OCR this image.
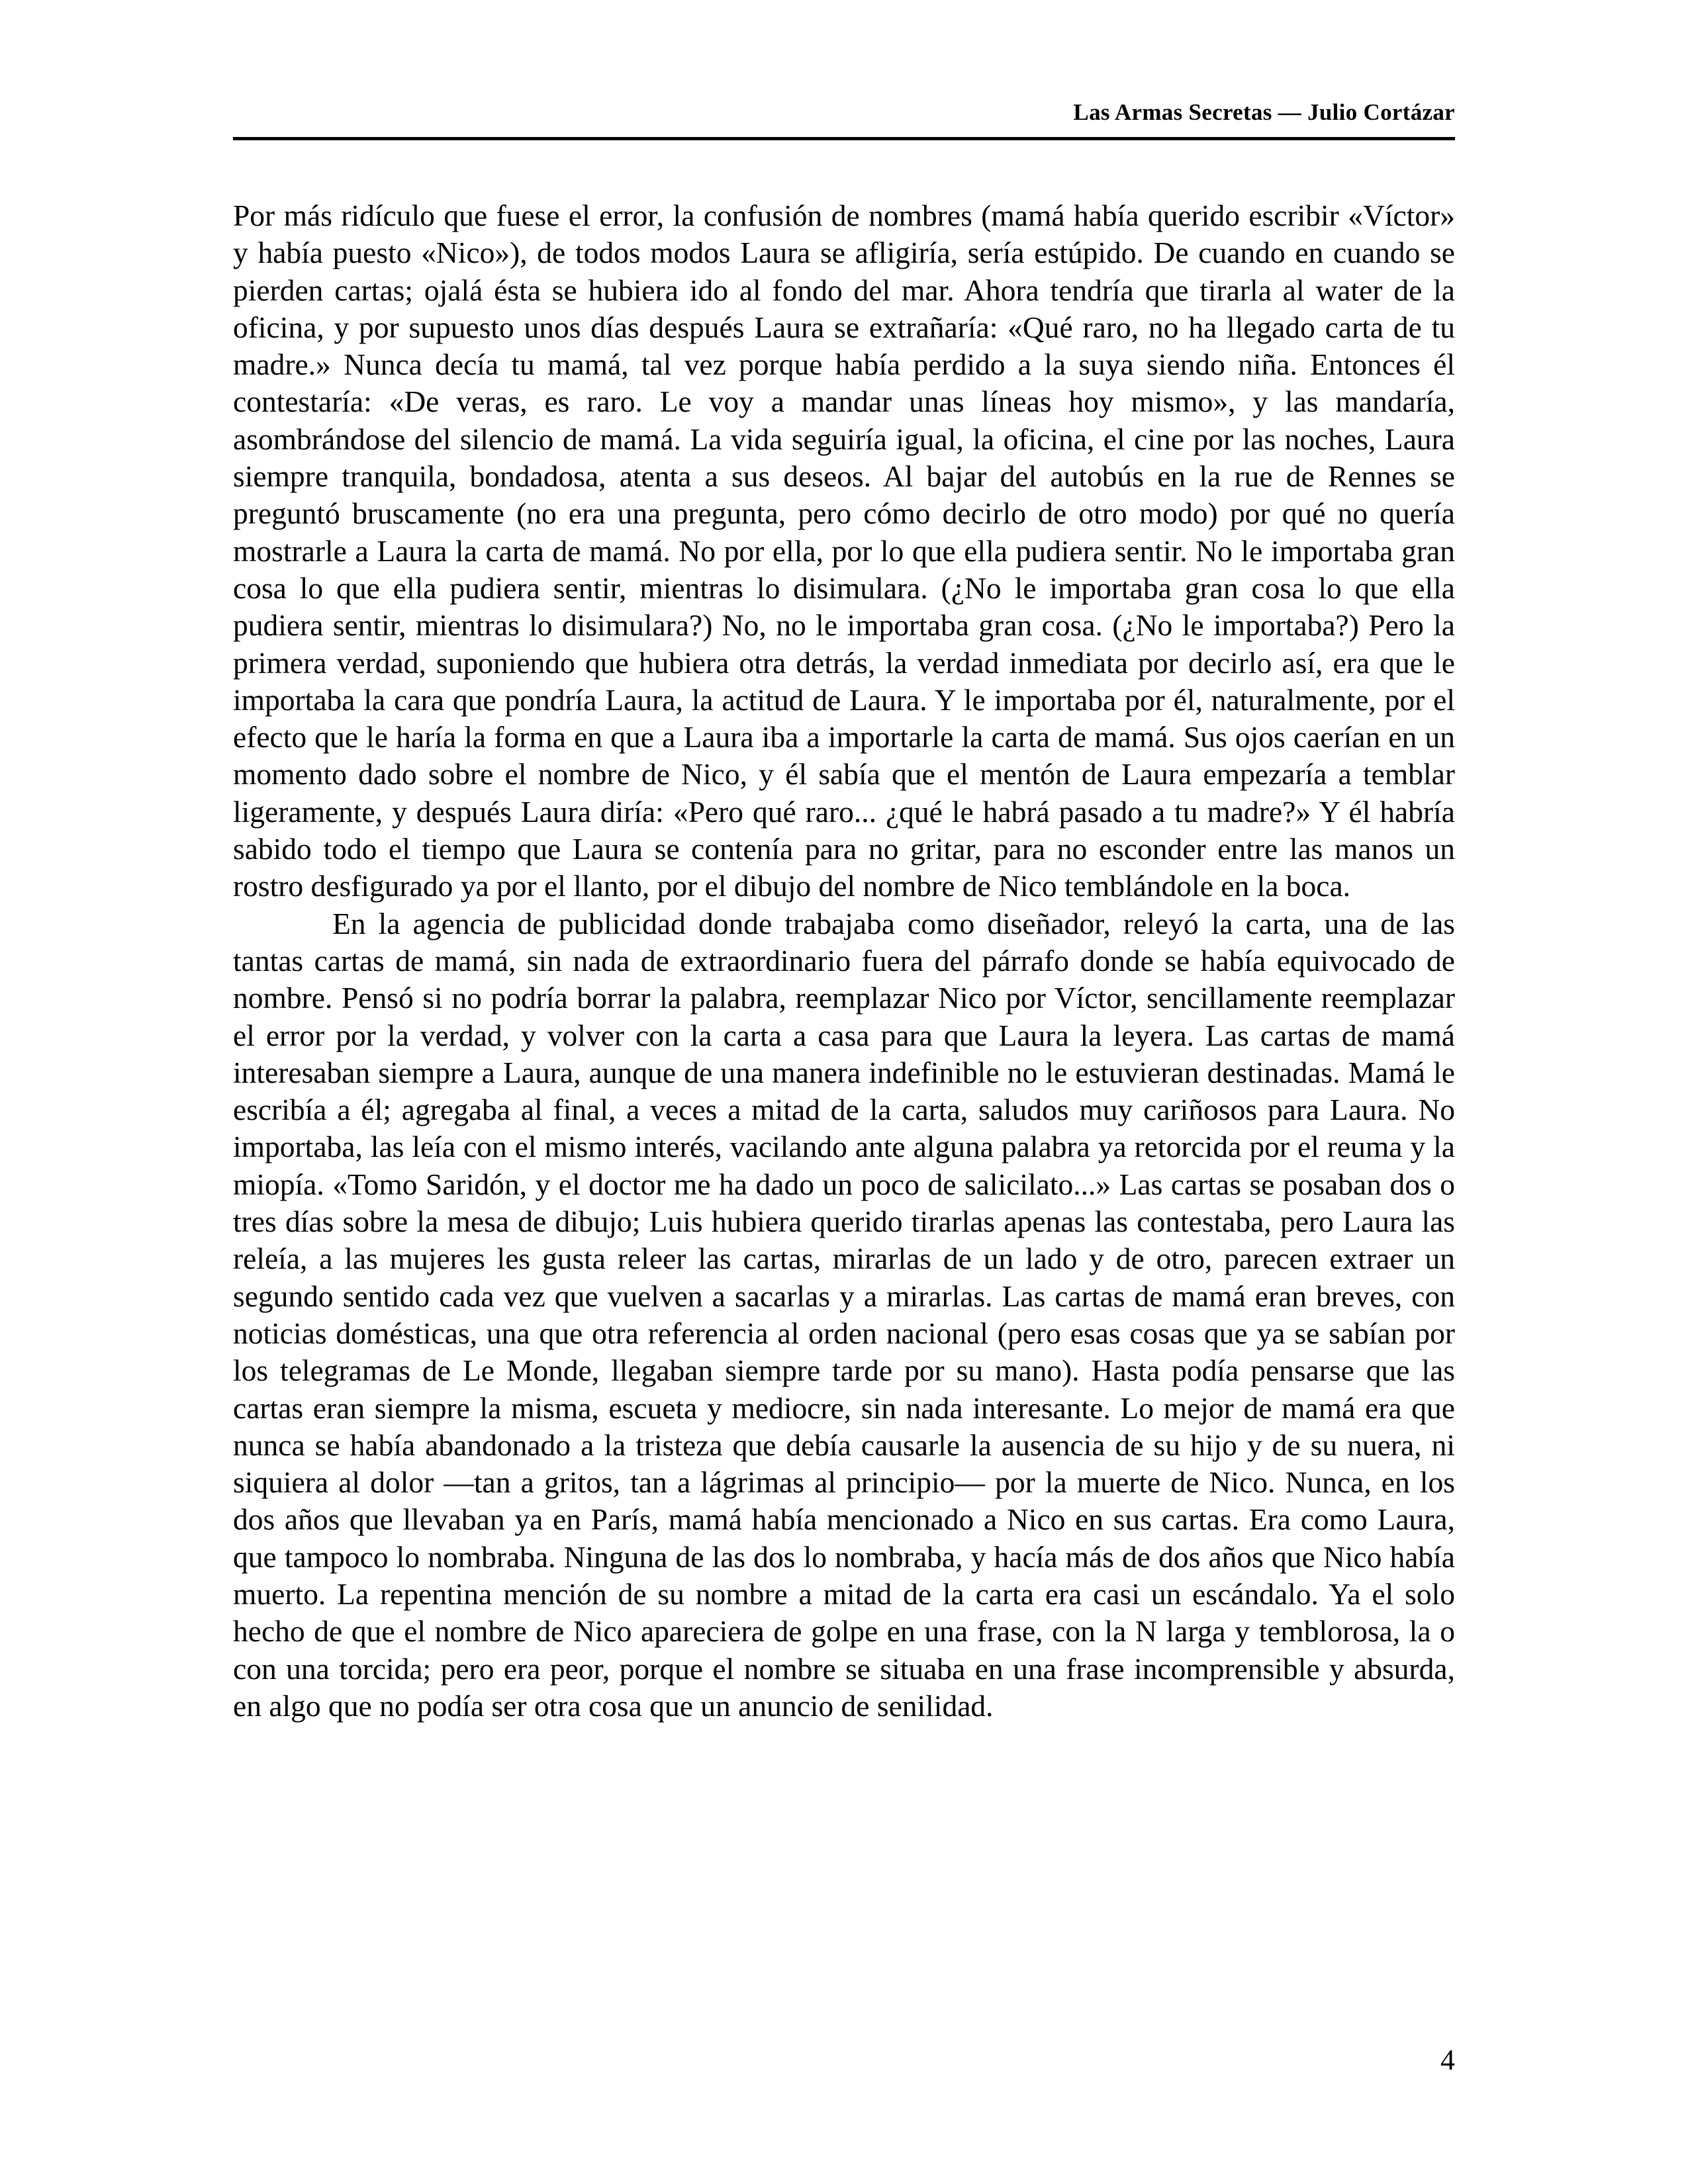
Las Armas Secretas — Julio Cortázar

Por más ridículo que fuese el error, la confusión de nombres (mamá había querido escribir «Víctor» y había puesto «Nico»), de todos modos Laura se afligiría, sería estúpido. De cuando en cuando se pierden cartas; ojalá ésta se hubiera ido al fondo del mar. Ahora tendría que tirarla al water de la oficina, y por supuesto unos días después Laura se extrañaría: «Qué raro, no ha llegado carta de tu madre.» Nunca decía tu mamá, tal vez porque había perdido a la suya siendo niña. Entonces él contestaría: «De veras, es raro. Le voy a mandar unas líneas hoy mismo», y las mandaría, asombrándose del silencio de mamá. La vida seguiría igual, la oficina, el cine por las noches, Laura siempre tranquila, bondadosa, atenta a sus deseos. Al bajar del autobús en la rue de Rennes se preguntó bruscamente (no era una pregunta, pero cómo decirlo de otro modo) por qué no quería mostrarle a Laura la carta de mamá. No por ella, por lo que ella pudiera sentir. No le importaba gran cosa lo que ella pudiera sentir, mientras lo disimulara. (¿No le importaba gran cosa lo que ella pudiera sentir, mientras lo disimulara?) No, no le importaba gran cosa. (¿No le importaba?) Pero la primera verdad, suponiendo que hubiera otra detrás, la verdad inmediata por decirlo así, era que le importaba la cara que pondría Laura, la actitud de Laura. Y le importaba por él, naturalmente, por el efecto que le haría la forma en que a Laura iba a importarle la carta de mamá. Sus ojos caerían en un momento dado sobre el nombre de Nico, y él sabía que el mentón de Laura empezaría a temblar ligeramente, y después Laura diría: «Pero qué raro... ¿qué le habrá pasado a tu madre?» Y él habría sabido todo el tiempo que Laura se contenía para no gritar, para no esconder entre las manos un rostro desfigurado ya por el llanto, por el dibujo del nombre de Nico temblándole en la boca.

En la agencia de publicidad donde trabajaba como diseñador, releyó la carta, una de las tantas cartas de mamá, sin nada de extraordinario fuera del párrafo donde se había equivocado de nombre. Pensó si no podría borrar la palabra, reemplazar Nico por Víctor, sencillamente reemplazar el error por la verdad, y volver con la carta a casa para que Laura la leyera. Las cartas de mamá interesaban siempre a Laura, aunque de una manera indefinible no le estuvieran destinadas. Mamá le escribía a él; agregaba al final, a veces a mitad de la carta, saludos muy cariñosos para Laura. No importaba, las leía con el mismo interés, vacilando ante alguna palabra ya retorcida por el reuma y la miopía. «Tomo Saridón, y el doctor me ha dado un poco de salicilato...» Las cartas se posaban dos o tres días sobre la mesa de dibujo; Luis hubiera querido tirarlas apenas las contestaba, pero Laura las releía, a las mujeres les gusta releer las cartas, mirarlas de un lado y de otro, parecen extraer un segundo sentido cada vez que vuelven a sacarlas y a mirarlas. Las cartas de mamá eran breves, con noticias domésticas, una que otra referencia al orden nacional (pero esas cosas que ya se sabían por los telegramas de Le Monde, llegaban siempre tarde por su mano). Hasta podía pensarse que las cartas eran siempre la misma, escueta y mediocre, sin nada interesante. Lo mejor de mamá era que nunca se había abandonado a la tristeza que debía causarle la ausencia de su hijo y de su nuera, ni siquiera al dolor —tan a gritos, tan a lágrimas al principio— por la muerte de Nico. Nunca, en los dos años que llevaban ya en París, mamá había mencionado a Nico en sus cartas. Era como Laura, que tampoco lo nombraba. Ninguna de las dos lo nombraba, y hacía más de dos años que Nico había muerto. La repentina mención de su nombre a mitad de la carta era casi un escándalo. Ya el solo hecho de que el nombre de Nico apareciera de golpe en una frase, con la N larga y temblorosa, la o con una torcida; pero era peor, porque el nombre se situaba en una frase incomprensible y absurda, en algo que no podía ser otra cosa que un anuncio de senilidad.

4
